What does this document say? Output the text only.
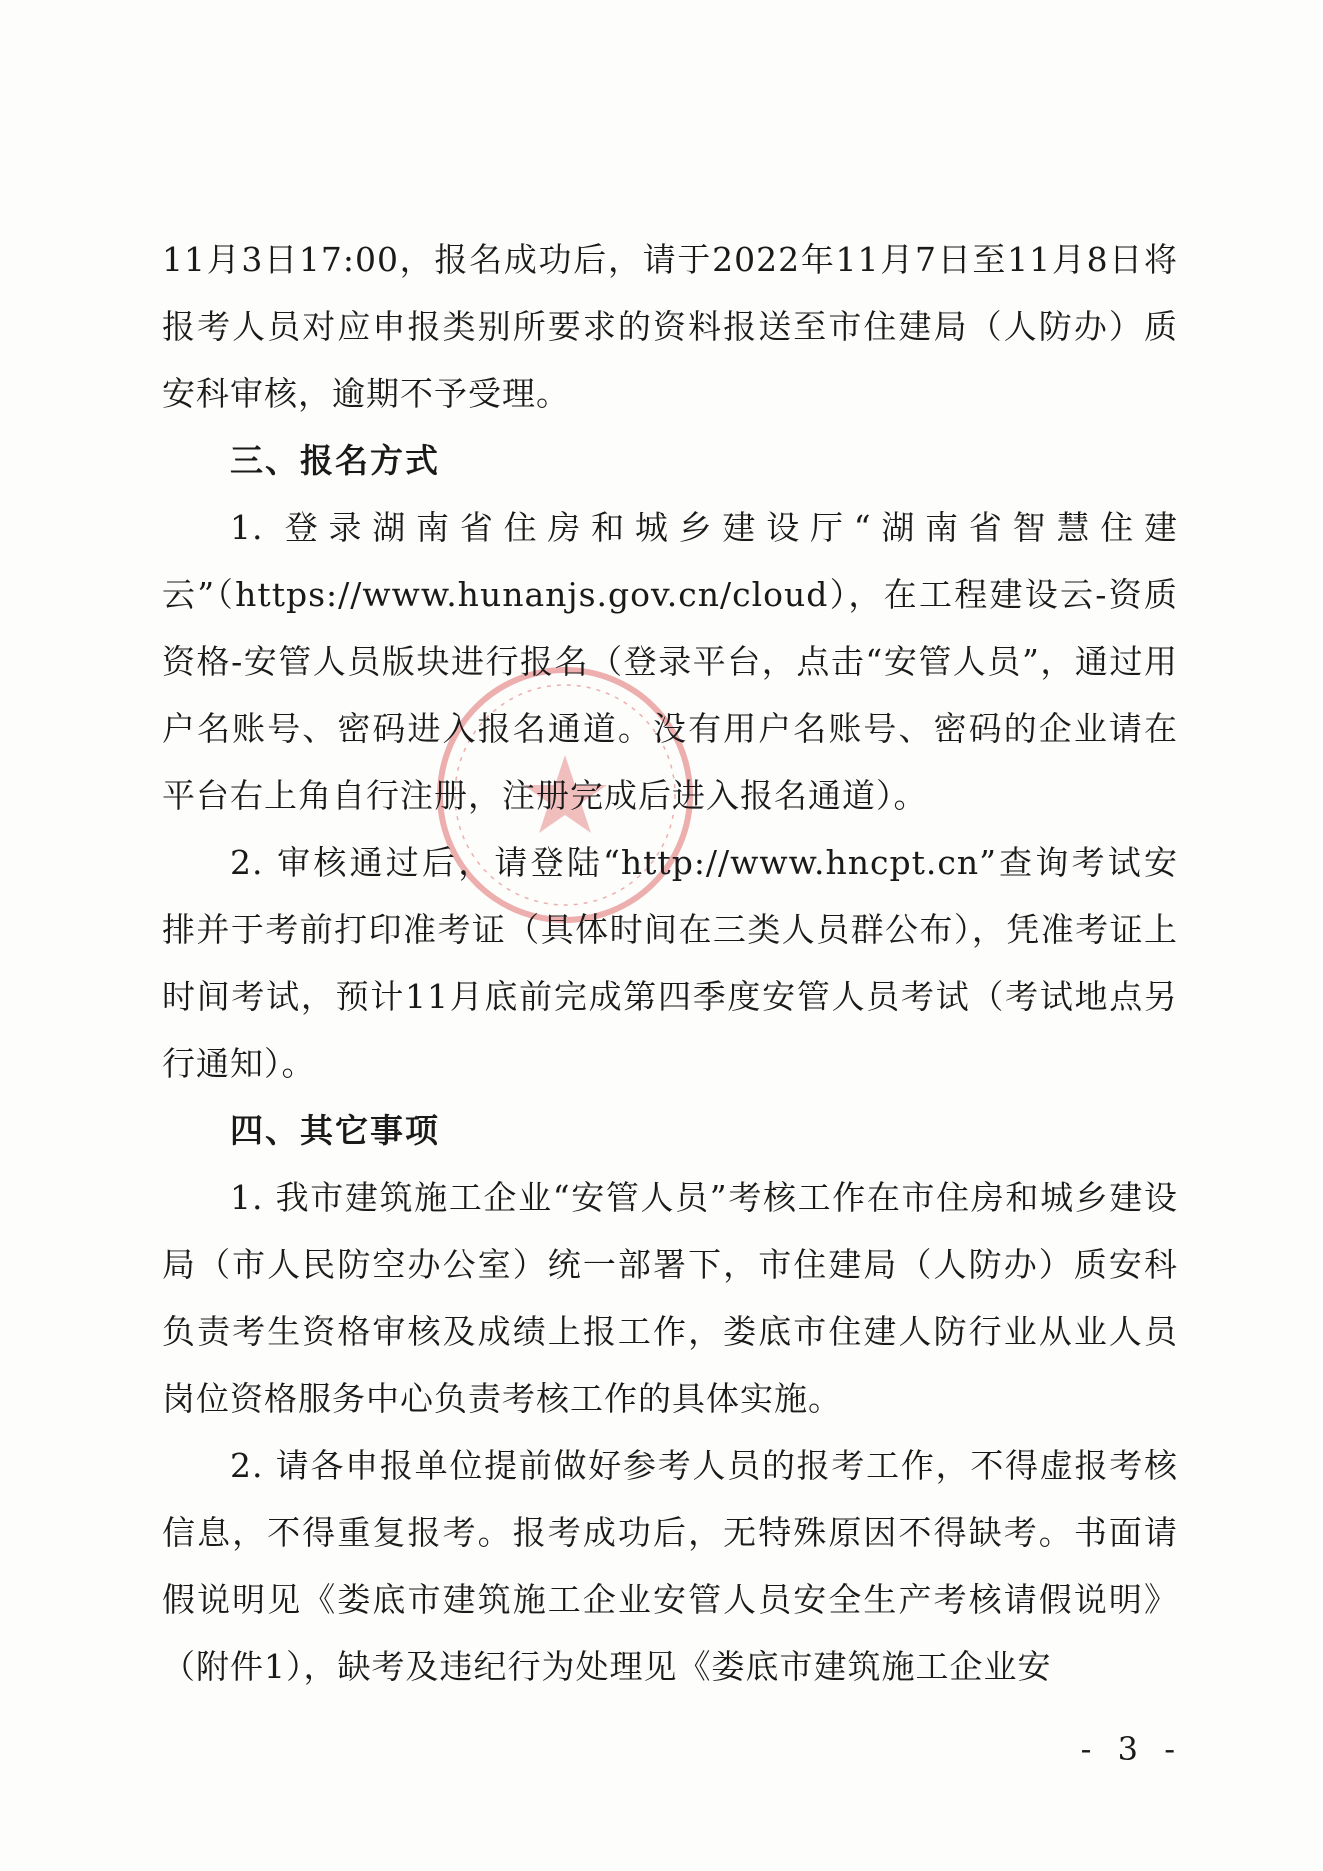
11月3日17:00，报名成功后，请于2022年11月7日至11月8日将报考人员对应申报类别所要求的资料报送至市住建局（人防办）质安科审核，逾期不予受理。

三、报名方式

1. 登录湖南省住房和城乡建设厅“湖南省智慧住建云”（https://www.hunanjs.gov.cn/cloud），在工程建设云-资质资格-安管人员版块进行报名（登录平台，点击“安管人员”，通过用户名账号、密码进入报名通道。没有用户名账号、密码的企业请在平台右上角自行注册，注册完成后进入报名通道）。

2. 审核通过后，请登陆“http://www.hncpt.cn”查询考试安排并于考前打印准考证（具体时间在三类人员群公布），凭准考证上时间考试，预计11月底前完成第四季度安管人员考试（考试地点另行通知）。

四、其它事项

1. 我市建筑施工企业“安管人员”考核工作在市住房和城乡建设局（市人民防空办公室）统一部署下，市住建局（人防办）质安科负责考生资格审核及成绩上报工作，娄底市住建人防行业从业人员岗位资格服务中心负责考核工作的具体实施。

2. 请各申报单位提前做好参考人员的报考工作，不得虚报考核信息，不得重复报考。报考成功后，无特殊原因不得缺考。书面请假说明见《娄底市建筑施工企业安管人员安全生产考核请假说明》（附件1），缺考及违纪行为处理见《娄底市建筑施工企业安

- 3 -
